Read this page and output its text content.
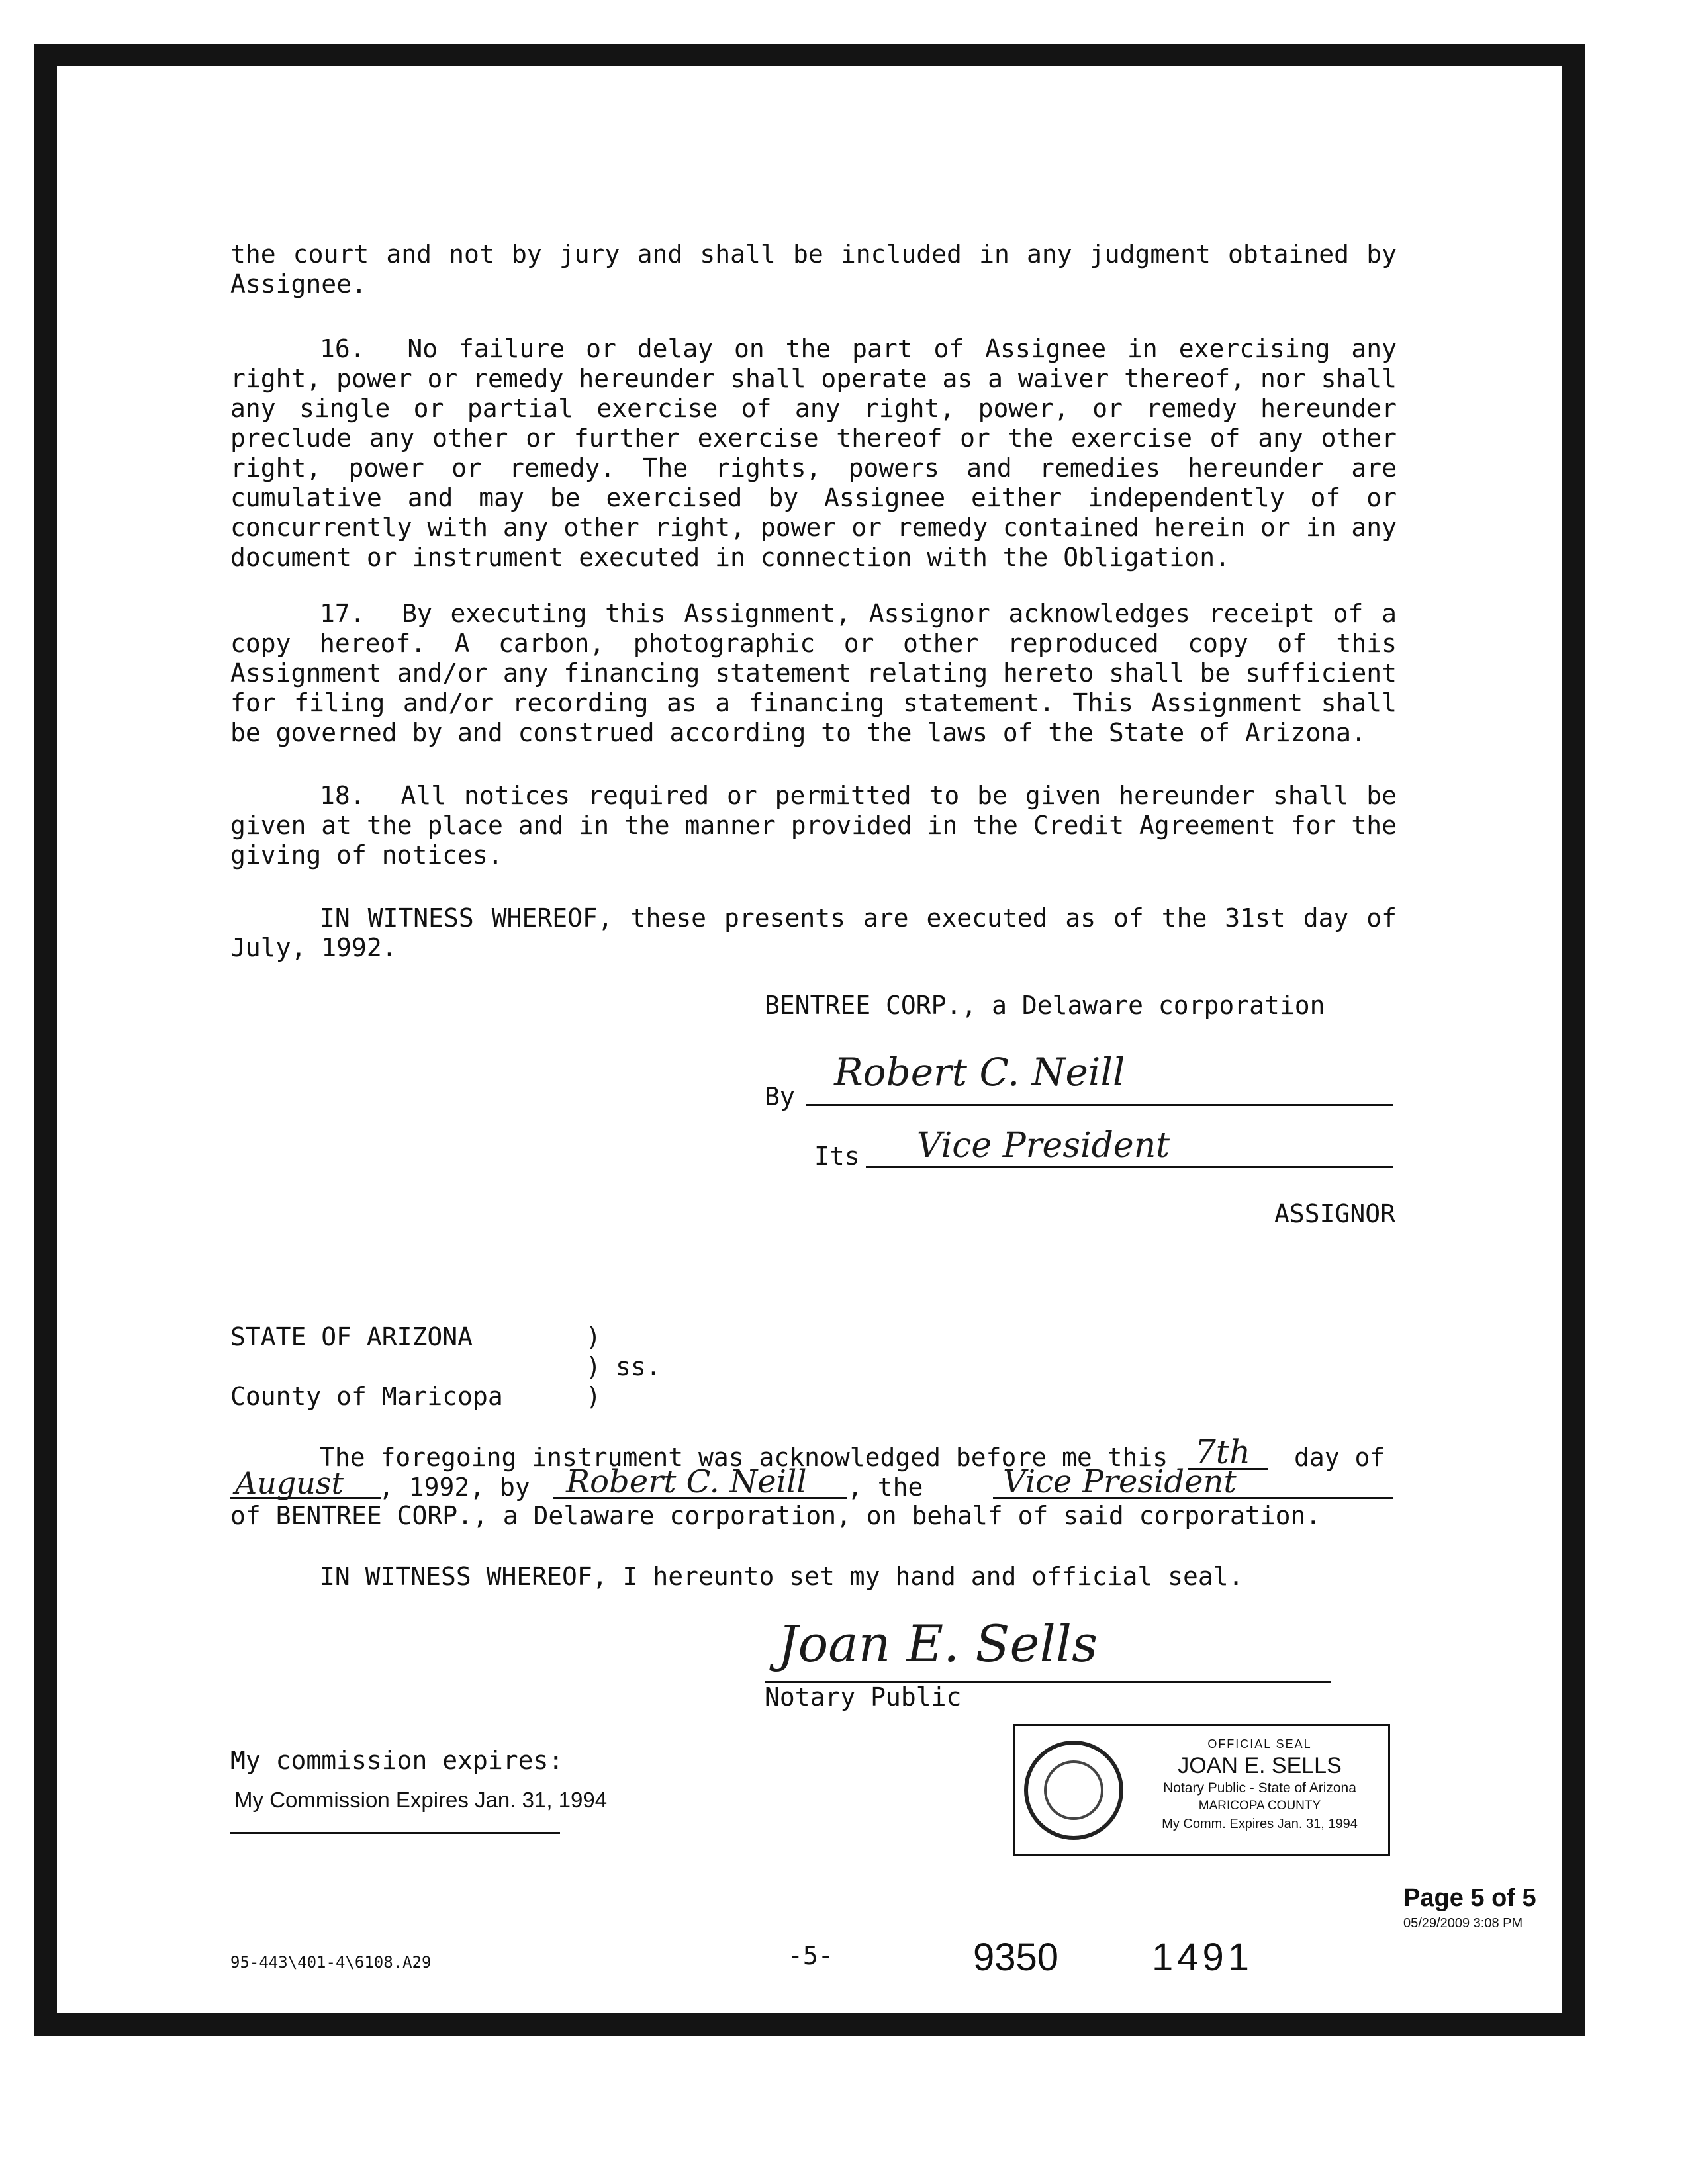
the court and not by jury and shall be included in any judgment obtained by Assignee.

16. No failure or delay on the part of Assignee in exercising any right, power or remedy hereunder shall operate as a waiver thereof, nor shall any single or partial exercise of any right, power, or remedy hereunder preclude any other or further exercise thereof or the exercise of any other right, power or remedy. The rights, powers and remedies hereunder are cumulative and may be exercised by Assignee either independently of or concurrently with any other right, power or remedy contained herein or in any document or instrument executed in connection with the Obligation.

17. By executing this Assignment, Assignor acknowledges receipt of a copy hereof. A carbon, photographic or other reproduced copy of this Assignment and/or any financing statement relating hereto shall be sufficient for filing and/or recording as a financing statement. This Assignment shall be governed by and construed according to the laws of the State of Arizona.

18. All notices required or permitted to be given hereunder shall be given at the place and in the manner provided in the Credit Agreement for the giving of notices.

IN WITNESS WHEREOF, these presents are executed as of the 31st day of July, 1992.

BENTREE CORP., a Delaware corporation
By
Robert C. Neill
Its Vice President
ASSIGNOR
STATE OF ARIZONA	)
)
)
ss.
County of Maricopa
The foregoing instrument was acknowledged before me this 7th day of
August , 1992, by Robert C. Neill , the	Vice President
of BENTREE CORP., a Delaware corporation, on behalf of said corporation.
IN WITNESS WHEREOF, I hereunto set my hand and official seal.
Joan E. Sells
Notary Public
My commission expires:
My Commission Expires Jan. 31, 1994
OFFICIAL SEAL
JOAN E. SELLS
Notary Public - State of Arizona
MARICOPA COUNTY
My Comm. Expires Jan. 31, 1994
Page 5 of 5
05/29/2009 3:08 PM
95-443\401-4\6108.A29	-5-	9350 1491
